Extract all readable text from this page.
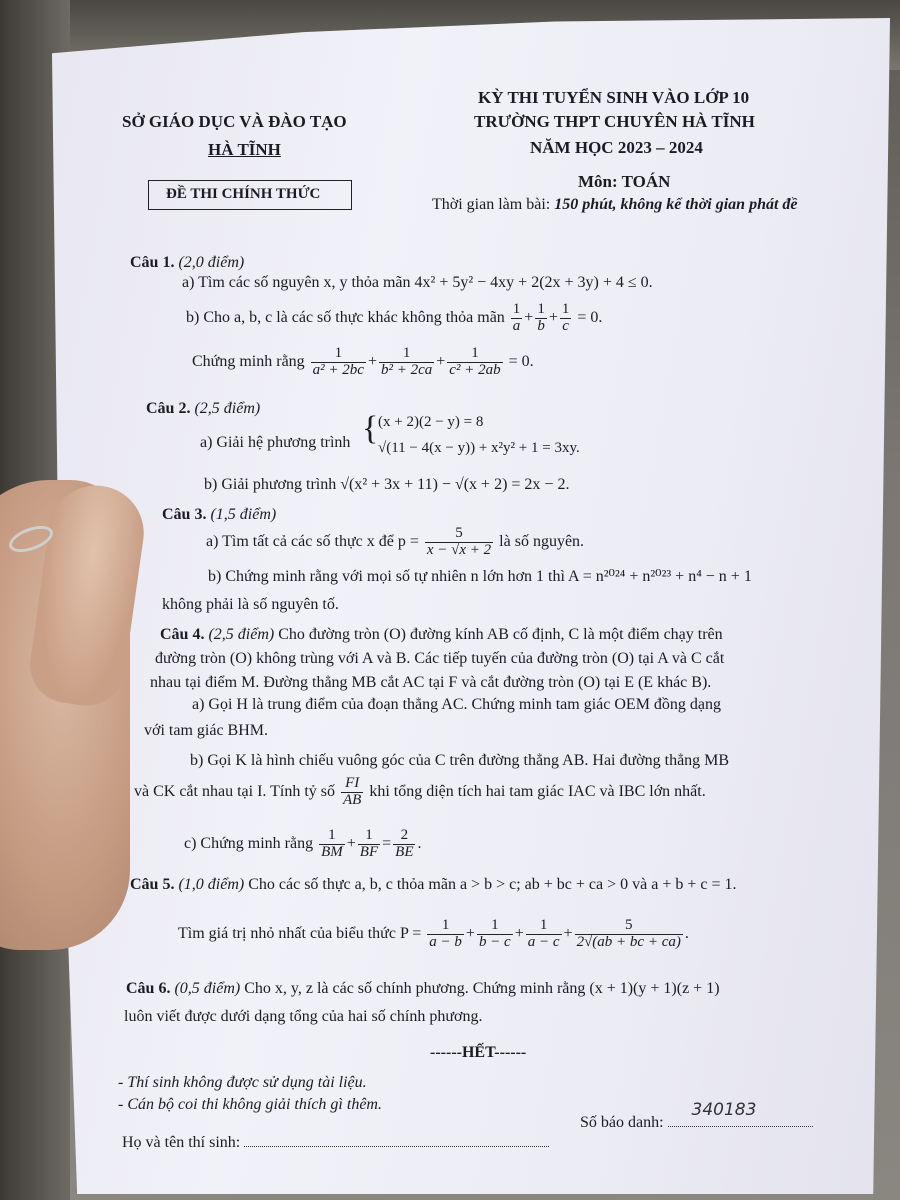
SỞ GIÁO DỤC VÀ ĐÀO TẠO
HÀ TĨNH
ĐỀ THI CHÍNH THỨC
KỲ THI TUYỂN SINH VÀO LỚP 10
TRƯỜNG THPT CHUYÊN HÀ TĨNH
NĂM HỌC 2023 – 2024
Môn: TOÁN
Thời gian làm bài: 150 phút, không kể thời gian phát đề
Câu 1. (2,0 điểm)
a) Tìm các số nguyên x, y thỏa mãn 4x² + 5y² − 4xy + 2(2x + 3y) + 4 ≤ 0.
b) Cho a, b, c là các số thực khác không thỏa mãn $\frac{1}{a} + \frac{1}{b} + \frac{1}{c} = 0$.
Chứng minh rằng $\frac{1}{\text{a² + 2bc}} + \frac{1}{\text{b² + 2ca}} + \frac{1}{\text{c² + 2ab}} = 0$.
Câu 2. (2,5 điểm)
a) Giải hệ phương trình { (x + 2)(2 − y) = 8
√(11 − 4(x − y)) + x²y² + 1 = 3xy.
b) Giải phương trình √(x² + 3x + 11) − √(x + 2) = 2x − 2.
Câu 3. (1,5 điểm)
a) Tìm tất cả các số thực x để $p = \frac{5}{x - √x + 2}$ là số nguyên.
b) Chứng minh rằng với mọi số tự nhiên n lớn hơn 1 thì A = n²⁰²⁴ + n²⁰²³ + n⁴ − n + 1
không phải là số nguyên tố.
Câu 4. (2,5 điểm) Cho đường tròn (O) đường kính AB cố định, C là một điểm chạy trên
đường tròn (O) không trùng với A và B. Các tiếp tuyến của đường tròn (O) tại A và C cắt
nhau tại điểm M. Đường thẳng MB cắt AC tại F và cắt đường tròn (O) tại E (E khác B).
a) Gọi H là trung điểm của đoạn thẳng AC. Chứng minh tam giác OEM đồng dạng
với tam giác BHM.
b) Gọi K là hình chiếu vuông góc của C trên đường thẳng AB. Hai đường thẳng MB
và CK cắt nhau tại I. Tính tỷ số $\frac{FI}{AB}$ khi tổng diện tích hai tam giác IAC và IBC lớn nhất.
c) Chứng minh rằng $\frac{1}{BM} + \frac{1}{BF} = \frac{2}{BE}$ .
Câu 5. (1,0 điểm) Cho các số thực a, b, c thỏa mãn a > b > c; ab + bc + ca > 0 và a + b + c = 1.
Tìm giá trị nhỏ nhất của biểu thức $P = \frac{1}{a - b} + \frac{1}{b - c} + \frac{1}{a - c} + \frac{5}{2√(ab + bc + ca)}$ .
Câu 6. (0,5 điểm) Cho x, y, z là các số chính phương. Chứng minh rằng (x + 1)(y + 1)(z + 1)
luôn viết được dưới dạng tổng của hai số chính phương.
------HẾT------
- Thí sinh không được sử dụng tài liệu.
- Cán bộ coi thi không giải thích gì thêm.
Số báo danh:
340183
Họ và tên thí sinh:
